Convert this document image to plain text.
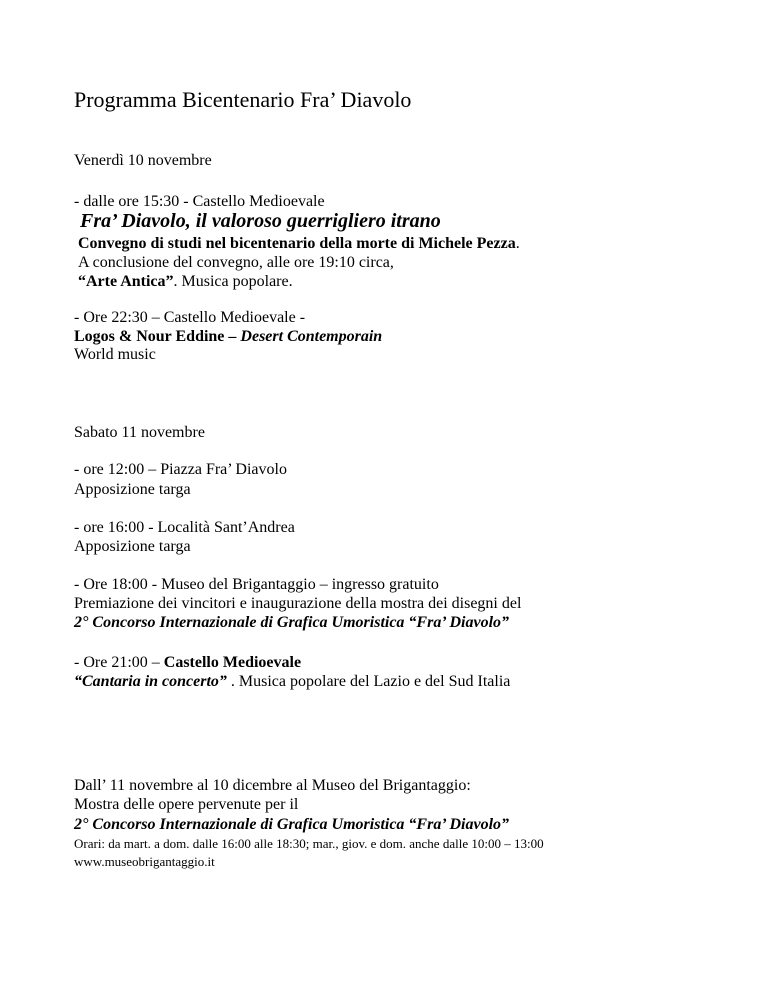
Programma Bicentenario Fra’ Diavolo
Venerdì 10 novembre
- dalle ore 15:30 - Castello Medioevale
Fra’ Diavolo, il valoroso guerrigliero itrano
Convegno di studi nel bicentenario della morte di Michele Pezza.
A conclusione del convegno, alle ore 19:10 circa,
“Arte Antica”. Musica popolare.
- Ore 22:30 – Castello Medioevale -
Logos & Nour Eddine – Desert Contemporain
World music
Sabato 11 novembre
- ore 12:00 – Piazza Fra’ Diavolo
Apposizione targa
- ore 16:00 - Località Sant’Andrea
Apposizione targa
- Ore 18:00 - Museo del Brigantaggio – ingresso gratuito
Premiazione dei vincitori e inaugurazione della mostra dei disegni del
2° Concorso Internazionale di Grafica Umoristica “Fra’ Diavolo”
- Ore 21:00 – Castello Medioevale
“Cantaria in concerto” . Musica popolare del Lazio e del Sud Italia
Dall’ 11 novembre al 10 dicembre al Museo del Brigantaggio:
Mostra delle opere pervenute per il
2° Concorso Internazionale di Grafica Umoristica “Fra’ Diavolo”
Orari: da mart. a dom. dalle 16:00 alle 18:30; mar., giov. e dom. anche dalle 10:00 – 13:00
www.museobrigantaggio.it
